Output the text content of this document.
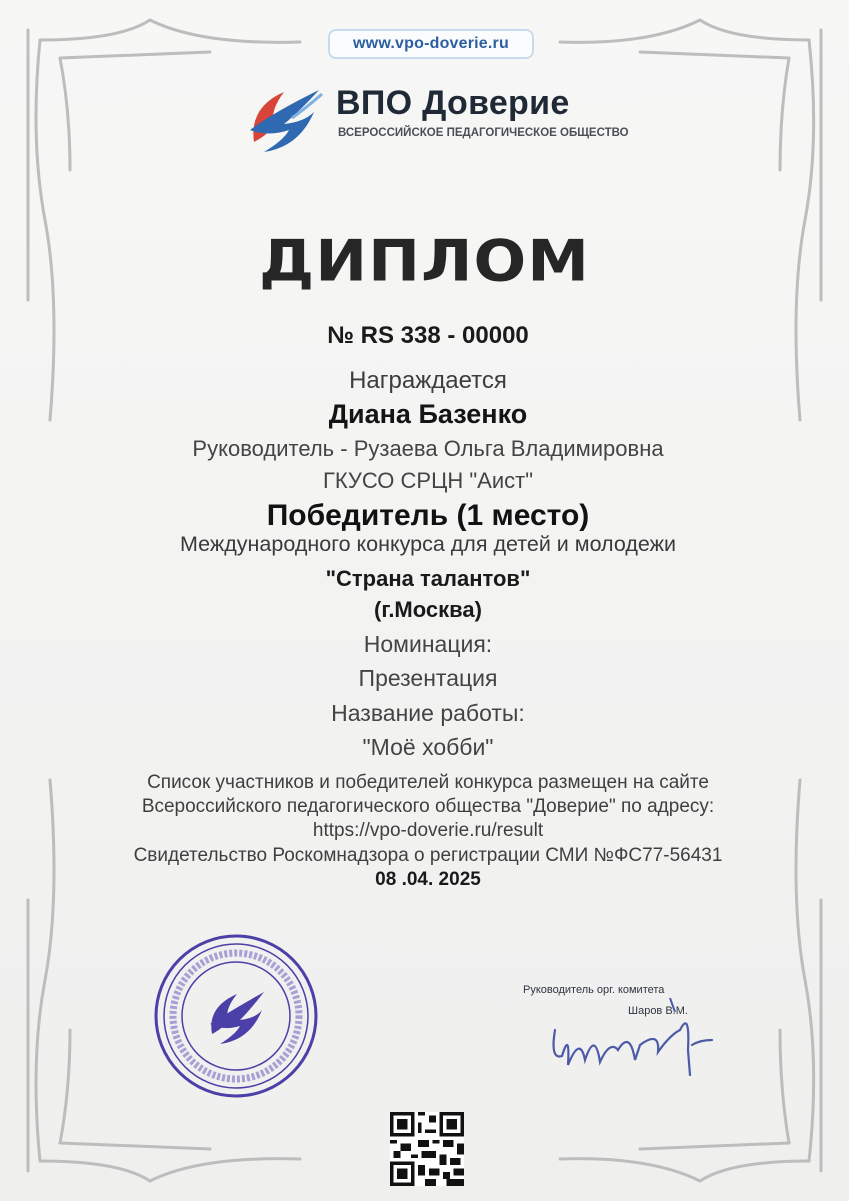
www.vpo-doverie.ru
ВПО Доверие
ВСЕРОССИЙСКОЕ ПЕДАГОГИЧЕСКОЕ ОБЩЕСТВО
ДИПЛОМ
№ RS 338 - 00000
Награждается
Диана Базенко
Руководитель - Рузаева Ольга Владимировна
ГКУСО СРЦН "Аист"
Победитель (1 место)
Международного конкурса для детей и молодежи
"Страна талантов"
(г.Москва)
Номинация:
Презентация
Название работы:
"Моё хобби"
Список участников и победителей конкурса размещен на сайте
Всероссийского педагогического общества "Доверие" по адресу:
https://vpo-doverie.ru/result
Свидетельство Роскомнадзора о регистрации СМИ №ФС77-56431
08 .04. 2025
Руководитель орг. комитета
Шаров В.М.
